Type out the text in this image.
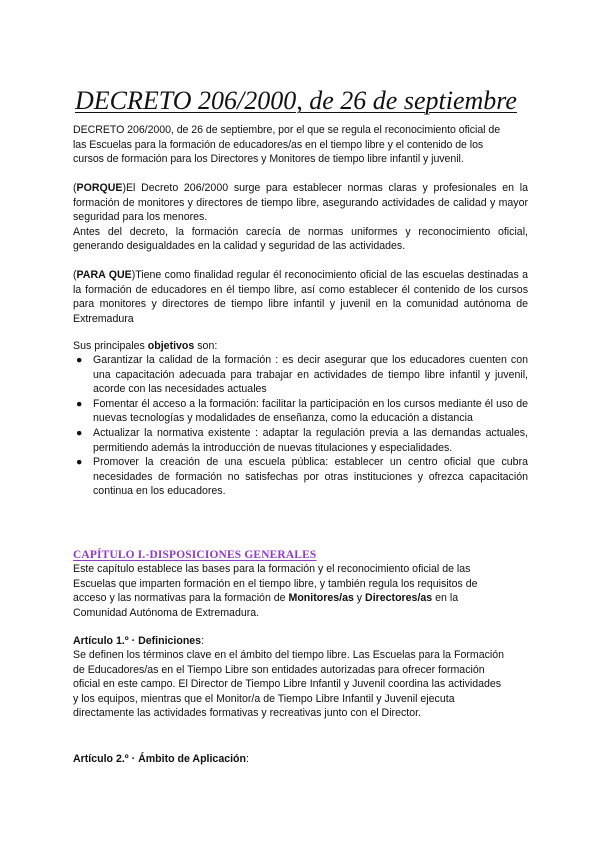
DECRETO 206/2000, de 26 de septiembre

DECRETO 206/2000, de 26 de septiembre, por el que se regula el reconocimiento oficial de

las Escuelas para la formación de educadores/as en el tiempo libre y el contenido de los

cursos de formación para los Directores y Monitores de tiempo libre infantil y juvenil.

(PORQUE)El Decreto 206/2000 surge para establecer normas claras y profesionales en la formación de monitores y directores de tiempo libre, asegurando actividades de calidad y mayor seguridad para los menores.

Antes del decreto, la formación carecía de normas uniformes y reconocimiento oficial, generando desigualdades en la calidad y seguridad de las actividades.

(PARA QUE)Tiene como finalidad regular él reconocimiento oficial de las escuelas destinadas a la formación de educadores en él tiempo libre, así como establecer él contenido de los cursos para monitores y directores de tiempo libre infantil y juvenil en la comunidad autónoma de Extremadura

Sus principales objetivos son:

● Garantizar la calidad de la formación : es decir asegurar que los educadores cuenten con una capacitación adecuada para trabajar en actividades de tiempo libre infantil y juvenil, acorde con las necesidades actuales
● Fomentar él acceso a la formación: facilitar la participación en los cursos mediante él uso de nuevas tecnologías y modalidades de enseñanza, como la educación a distancia
● Actualizar la normativa existente : adaptar la regulación previa a las demandas actuales, permitiendo además la introducción de nuevas titulaciones y especialidades.
● Promover la creación de una escuela pública: establecer un centro oficial que cubra necesidades de formación no satisfechas por otras instituciones y ofrezca capacitación continua en los educadores.
CAPÍTULO I.-DISPOSICIONES GENERALES

Este capítulo establece las bases para la formación y el reconocimiento oficial de las

Escuelas que imparten formación en el tiempo libre, y también regula los requisitos de

acceso y las normativas para la formación de Monitores/as y Directores/as en la

Comunidad Autónoma de Extremadura.

Artículo 1.º · Definiciones:

Se definen los términos clave en el ámbito del tiempo libre. Las Escuelas para la Formación

de Educadores/as en el Tiempo Libre son entidades autorizadas para ofrecer formación

oficial en este campo. El Director de Tiempo Libre Infantil y Juvenil coordina las actividades

y los equipos, mientras que el Monitor/a de Tiempo Libre Infantil y Juvenil ejecuta

directamente las actividades formativas y recreativas junto con el Director.

Artículo 2.º · Ámbito de Aplicación:
